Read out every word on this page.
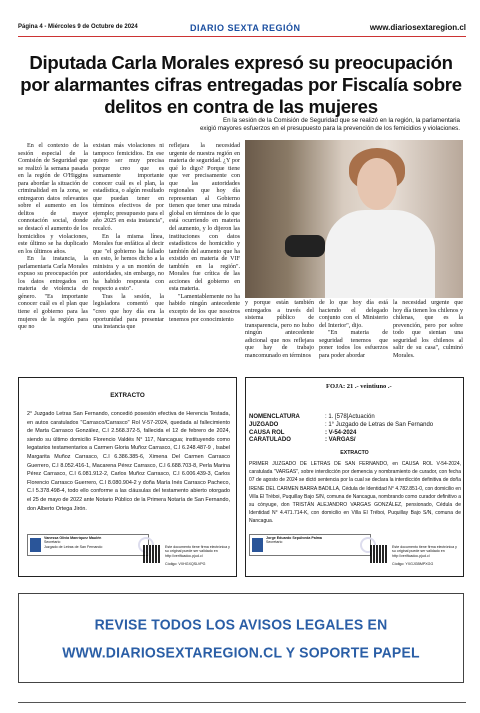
Página 4 - Miércoles 9 de Octubre de 2024	DIARIO SEXTA REGIÓN	www.diariosextaregion.cl
Diputada Carla Morales expresó su preocupación por alarmantes cifras entregadas por Fiscalía sobre delitos en contra de las mujeres
En la sesión de la Comisión de Seguridad que se realizó en la región, la parlamentaria
exigió mayores esfuerzos en el presupuesto para la prevención de los femicidios y violaciones.

En el contexto de la sesión especial de la Comisión de Seguridad que se realizó la semana pasada en la región de O'Higgins para abordar la situación de criminalidad en la zona, se entregaron datos relevantes sobre el aumento en los delitos de mayor connotación social, donde se destacó el aumento de los homicidios y violaciones, este último se ha duplicado en los últimos años.

En la instancia, la parlamentaria Carla Morales expuso su preocupación por los datos entregados en materia de violencia de género. "Es importante conocer cuál es el plan que tiene el gobierno para las mujeres de la región para que no

existan más violaciones ni tampoco femicidios. En ese quiero ser muy precisa porque creo que es sumamente importante conocer cuál es el plan, la estadística, o algún resultado que puedan tener en términos efectivos de por ejemplo; presupuesto para el año 2025 en esta instancia", recalcó.

En la misma línea, Morales fue enfática al decir que "el gobierno ha fallado en esto, le hemos dicho a la ministra y a un montón de autoridades, sin embargo, no ha habido respuesta con respecto a esto".

Tras la sesión, la legisladora comentó que "creo que hoy día era la oportunidad para presentar una instancia que

reflejara la necesidad urgente de nuestra región en materia de seguridad. ¿Y por qué lo digo? Porque tiene que ver precisamente con que las autoridades regionales que hoy día representan al Gobierno tienen que tener una mirada global en términos de lo que está ocurriendo en materia del aumento, y lo dijeron las instituciones con datos estadísticos de homicidio y también del aumento que ha existido en materia de VIF también en la región". Morales fue crítica de las acciones del gobierno en esta materia.

"Lamentablemente no ha habido ningún antecedente excepto de los que nosotros tenemos por conocimiento

y porque están también entregados a través del sistema público de transparencia, pero no hubo ningún antecedente adicional que nos reflejara que hay de trabajo mancomunado en términos

de lo que hoy día está haciendo el delegado conjunto con el Ministerio del Interior", dijo.

"En materia de seguridad tenemos que poner todos los esfuerzos para poder abordar

la necesidad urgente que hoy día tienen los chilenos y chilenas, que es la prevención, pero por sobre todo que sientan una seguridad los chilenos al salir de su casa", culminó Morales.

EXTRACTO
2° Juzgado Letras San Fernando, concedió posesión efectiva de Herencia Testada, en autos caratulados "Carrasco/Carrasco" Rol V-57-2024, quedada al fallecimiento de Marta Carrasco González, C.I 2.568.372-5, fallecida el 12 de febrero de 2024, siendo su último domicilio Florencio Valdés N° 117, Nancagua; instituyendo como legatarios testamentarios a Carmen Gloria Muñoz Carrasco, C.I 6.248.487-9 , Isabel Margarita Muñoz Carrasco, C.I 6.386.385-6, Ximena Del Carmen Carrasco Guerrero, C.I 8.052.416-1, Macarena Pérez Carrasco, C.I 6.688.703-8, Perla Marina Pérez Carrasco, C.I 6.081.912-2, Carlos Muñoz Carrasco, C.I 6.006.439-3, Carlos Florencio Carrasco Guerrero, C.I 8.080.904-2 y doña María Inés Carrasco Pacheco, C.I 5.378.498-4, todo ello conforme a las cláusulas del testamento abierto otorgado el 25 de mayo de 2022 ante Notario Público de la Primera Notaría de San Fernando, don Alberto Ortega Jirón.
Vanessa Olivia Manríquez Maulén
Secretario
Juzgado de Letras de San Fernando	Este documento tiene firma electrónica y su original puede ser validado en http://verificadoc.pjud.cl
Código: VXHGXQSLVPG
FOJA: 21 .- veintiuno .-
NOMENCLATURA	: 1. [578]Actuación
JUZGADO	: 1° Juzgado de Letras de San Fernando
CAUSA ROL	: V-54-2024
CARATULADO	: VARGAS/
EXTRACTO
PRIMER JUZGADO DE LETRAS DE SAN FERNANDO, en CAUSA ROL V-54-2024, caratulada "VARGAS", sobre interdicción por demencia y nombramiento de curador, con fecha 07 de agosto de 2024 se dictó sentencia por la cual se declara la interdicción definitiva de doña IRENE DEL CARMEN BARRA BADILLA, Cédula de Identidad N° 4.782.851-0, con domicilio en Villa El Tréboi, Puquillay Bajo S/N, comuna de Nancagua, nombrando como curador definitivo a su cónyuge, don TRISTÁN ALEJANDRO VARGAS GONZÁLEZ, pensionado, Cédula de Identidad N° 4.471.714-K, con domicilio en Villa El Tréboi, Puquillay Bajo S/N, comuna de Nancagua.
Jorge Eduardo Sepúlveda Palma
Secretario
Este documento tiene firma electrónica y su original puede ser validado en http://verificadoc.pjud.cl
Código: YXGJGBMPXGG
REVISE TODOS LOS AVISOS LEGALES EN
WWW.DIARIOSEXTAREGION.CL Y SOPORTE PAPEL
